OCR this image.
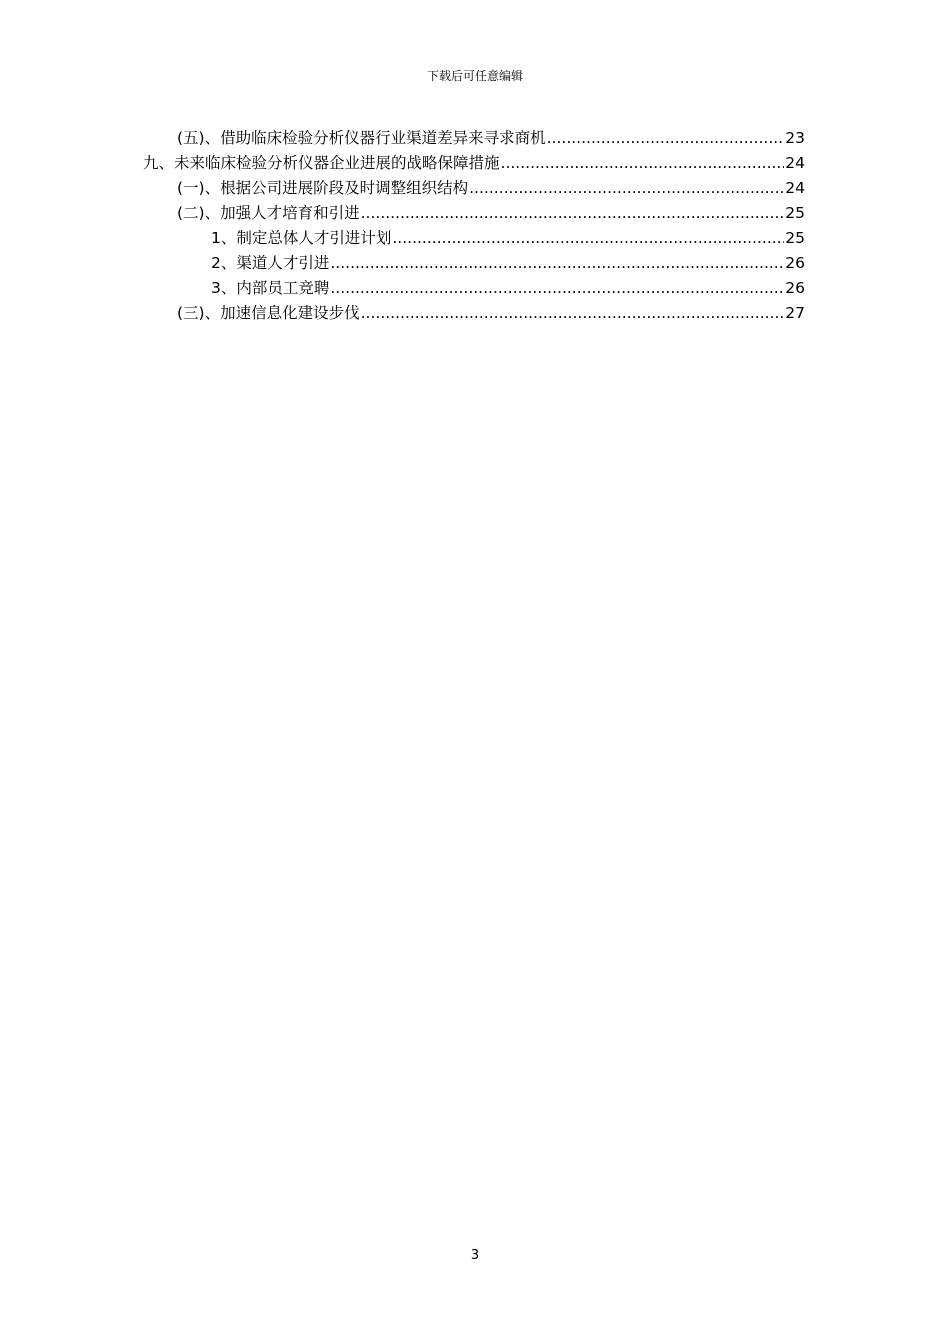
下载后可任意编辑
(五)、借助临床检验分析仪器行业渠道差异来寻求商机 .....	23
九、未来临床检验分析仪器企业进展的战略保障措施 .....	24
(一)、根据公司进展阶段及时调整组织结构 .....	24
(二)、加强人才培育和引进 .....	25
1、制定总体人才引进计划 .....	25
2、渠道人才引进 .....	26
3、内部员工竞聘 .....	26
(三)、加速信息化建设步伐 .....	27
3
